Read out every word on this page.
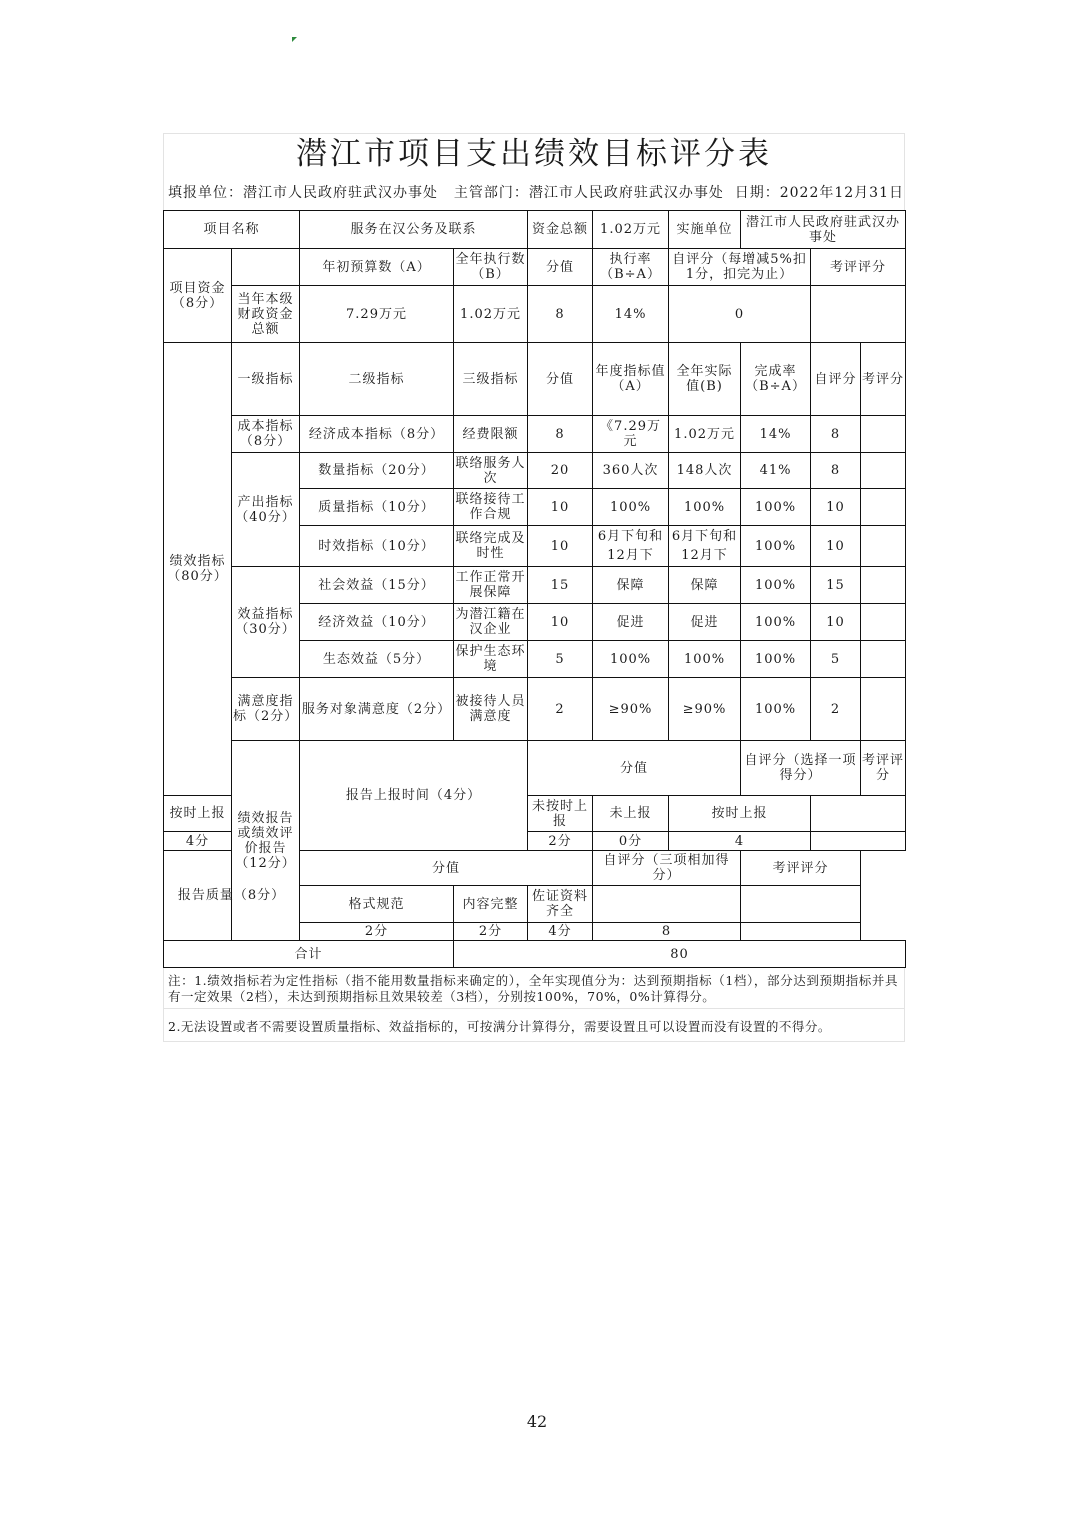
潜江市项目支出绩效目标评分表
填报单位：潜江市人民政府驻武汉办事处	主管部门：潜江市人民政府驻武汉办事处 日期：2022年12月31日
项目名称		服务在汉公务及联系		资金总额	1.02万元	实施单位	潜江市人民政府驻武汉办事处			
项目资金（8分）		年初预算数（A）	全年执行数（B）	分值	执行率（B÷A）	自评分（每增减5%扣1分，扣完为止）		考评评分		
	当年本级财政资金总额	7.29万元	1.02万元	8	14%	0				
绩效指标（80分）	一级指标	二级指标	三级指标	分值	年度指标值（A）	全年实际值(B)	完成率（B÷A）	自评分	考评分	
	成本指标（8分）	经济成本指标（8分）	经费限额	8	《7.29万元	1.02万元	14%	8		
	产出指标（40分）	数量指标（20分）	联络服务人次	20	360人次	148人次	41%	8		
		质量指标（10分）	联络接待工作合规	10	100%	100%	100%	10		
		时效指标（10分）	联络完成及时性	10	6月下旬和12月下	6月下旬和12月下	100%	10		
	效益指标（30分）	社会效益（15分）	工作正常开展保障	15	保障	保障	100%	15		
		经济效益（10分）	为潜江籍在汉企业	10	促进	促进	100%	10		
		生态效益（5分）	保护生态环境	5	100%	100%	100%	5		
	满意度指标（2分）	服务对象满意度（2分）	被接待人员满意度	2	≥90%	≥90%	100%	2		
	绩效报告或绩效评价报告（12分）	报告上报时间（4分）		分值			自评分（选择一项得分）		考评评分	
按时上报				未按时上报	未上报	按时上报				
4分				2分	0分	4				
报告质量（8分）		分值			自评分（三项相加得分）		考评评分			
		格式规范	内容完整	佐证资料齐全						
		2分	2分	4分	8					
合计			80							
注：1.绩效指标若为定性指标（指不能用数量指标来确定的），全年实现值分为：达到预期指标（1档），部分达到预期指标并具有一定效果（2档），未达到预期指标且效果较差（3档），分别按100%，70%，0%计算得分。
2.无法设置或者不需要设置质量指标、效益指标的，可按满分计算得分，需要设置且可以设置而没有设置的不得分。
42
